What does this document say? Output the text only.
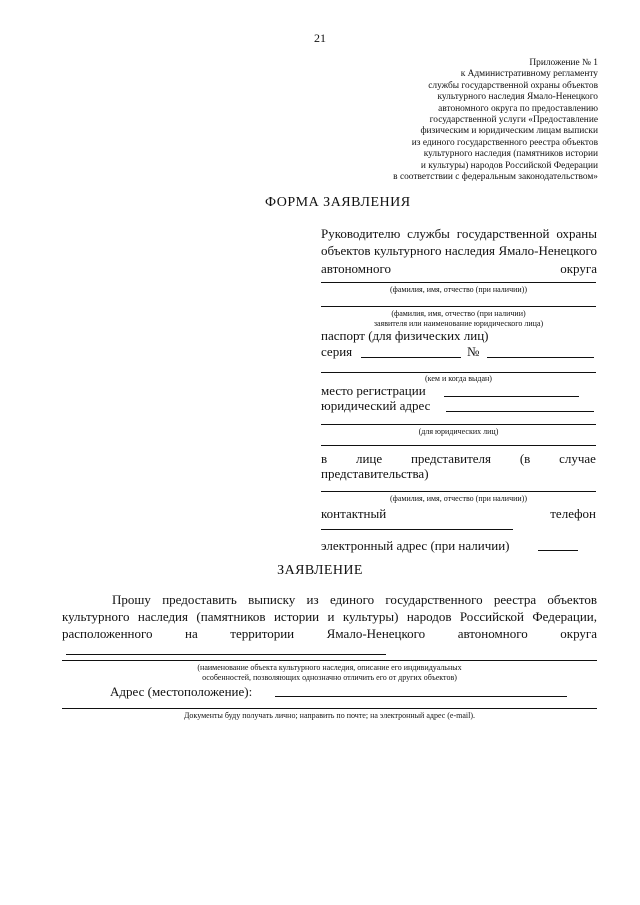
21
Приложение № 1
к Административному регламенту
службы государственной охраны объектов
культурного наследия Ямало-Ненецкого
автономного округа по предоставлению
государственной услуги «Предоставление
физическим и юридическим лицам выписки
из единого государственного реестра объектов
культурного наследия (памятников истории
и культуры) народов Российской Федерации
в соответствии с федеральным законодательством»
ФОРМА ЗАЯВЛЕНИЯ
Руководителю службы государственной охраны объектов культурного наследия Ямало-Ненецкого автономного округа
(фамилия, имя, отчество (при наличии))
(фамилия, имя, отчество (при наличии)
заявителя или наименование юридического лица)
паспорт (для физических лиц)
серия	№
(кем и когда выдан)
место регистрации
юридический адрес
(для юридических лиц)
в лице представителя (в случае
представительства)
(фамилия, имя, отчество (при наличии))
контактный	телефон
электронный адрес (при наличии)
ЗАЯВЛЕНИЕ
Прошу предоставить выписку из единого государственного реестра объектов культурного наследия (памятников истории и культуры) народов Российской Федерации, расположенного на территории Ямало-Ненецкого автономного округа
(наименование объекта культурного наследия, описание его индивидуальных
особенностей, позволяющих однозначно отличить его от других объектов)
Адрес (местоположение):
Документы буду получать лично; направить по почте; на электронный адрес (e-mail).
